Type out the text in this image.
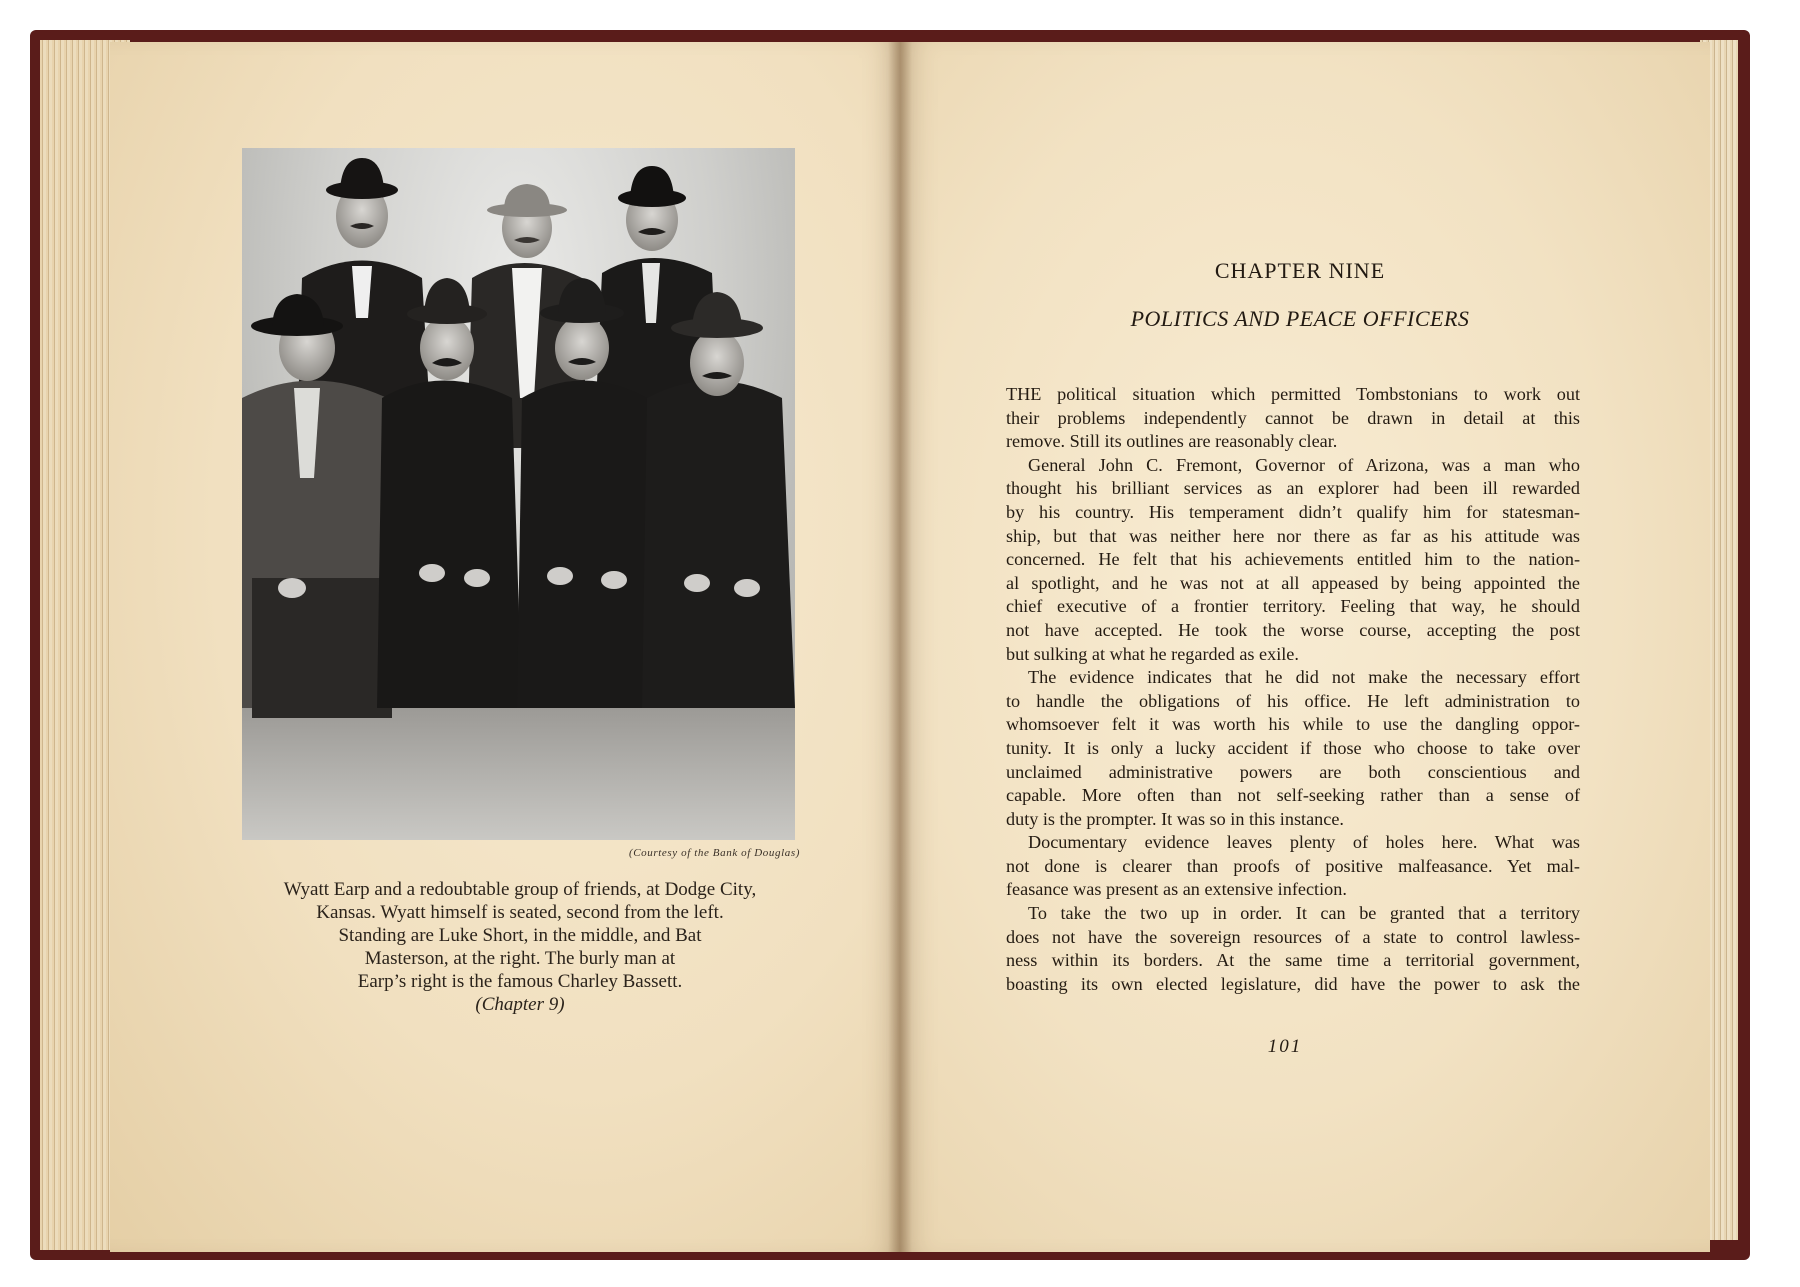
(Courtesy of the Bank of Douglas)
Wyatt Earp and a redoubtable group of friends, at Dodge City,
Kansas. Wyatt himself is seated, second from the left.
Standing are Luke Short, in the middle, and Bat
Masterson, at the right. The burly man at
Earp’s right is the famous Charley Bassett.
(Chapter 9)
CHAPTER NINE
POLITICS AND PEACE OFFICERS
THE political situation which permitted Tombstonians to work out
their problems independently cannot be drawn in detail at this
remove. Still its outlines are reasonably clear.
General John C. Fremont, Governor of Arizona, was a man who
thought his brilliant services as an explorer had been ill rewarded
by his country. His temperament didn’t qualify him for statesman-
ship, but that was neither here nor there as far as his attitude was
concerned. He felt that his achievements entitled him to the nation-
al spotlight, and he was not at all appeased by being appointed the
chief executive of a frontier territory. Feeling that way, he should
not have accepted. He took the worse course, accepting the post
but sulking at what he regarded as exile.
The evidence indicates that he did not make the necessary effort
to handle the obligations of his office. He left administration to
whomsoever felt it was worth his while to use the dangling oppor-
tunity. It is only a lucky accident if those who choose to take over
unclaimed administrative powers are both conscientious and
capable. More often than not self-seeking rather than a sense of
duty is the prompter. It was so in this instance.
Documentary evidence leaves plenty of holes here. What was
not done is clearer than proofs of positive malfeasance. Yet mal-
feasance was present as an extensive infection.
To take the two up in order. It can be granted that a territory
does not have the sovereign resources of a state to control lawless-
ness within its borders. At the same time a territorial government,
boasting its own elected legislature, did have the power to ask the
101
